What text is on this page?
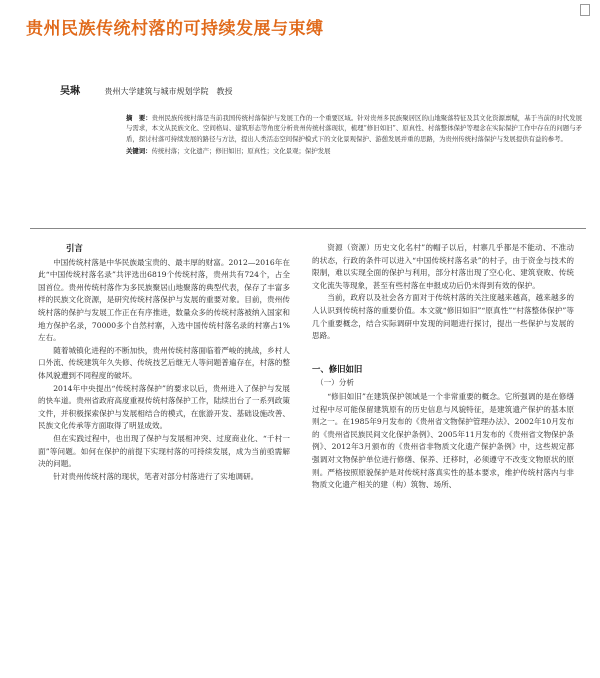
贵州民族传统村落的可持续发展与束缚
吴琳	贵州大学建筑与城市规划学院　教授
摘　要：贵州民族传统村落是当前我国传统村落保护与发展工作的一个重要区域。针对贵州多民族聚居区的山地聚落特征及其文化资源禀赋，基于当前的时代发展与需求，本文从民族文化、空间格局、建筑形态等角度分析贵州传统村落现状，梳理“修旧如旧”、原真性、村落整体保护等理念在实际保护工作中存在的问题与矛盾，探讨村落可持续发展的路径与方法，提出人类活态空间保护模式下的文化景观保护、游憩发展并重的思路，为贵州传统村落保护与发展提供有益的参考。
关键词：传统村落；文化遗产；修旧如旧；原真性；文化景观；保护发展
引言

中国传统村落是中华民族最宝贵的、最丰厚的财富。2012—2016年在此“中国传统村落名录”共评选出6819个传统村落，贵州共有724个，占全国首位。贵州传统村落作为多民族聚居山地聚落的典型代表，保存了丰富多样的民族文化资源，是研究传统村落保护与发展的重要对象。目前，贵州传统村落的保护与发展工作正在有序推进，数量众多的传统村落被纳入国家和地方保护名录，70000多个自然村寨，入选中国传统村落名录的村寨占1%左右。

随着城镇化进程的不断加快，贵州传统村落面临着严峻的挑战，乡村人口外流、传统建筑年久失修、传统技艺后继无人等问题普遍存在，村落的整体风貌遭到不同程度的破坏。

2014年中央提出“传统村落保护”的要求以后，贵州进入了保护与发展的快车道。贵州省政府高度重视传统村落保护工作，陆续出台了一系列政策文件，并积极探索保护与发展相结合的模式，在旅游开发、基础设施改善、民族文化传承等方面取得了明显成效。

但在实践过程中，也出现了保护与发展相冲突、过度商业化、“千村一面”等问题。如何在保护的前提下实现村落的可持续发展，成为当前亟需解决的问题。

针对贵州传统村落的现状，笔者对部分村落进行了实地调研。

资源（资源）历史文化名村”的帽子以后，村寨几乎都是不能动、不准动的状态，行政的条件可以进入“中国传统村落名录”的村子，由于资金与技术的限制，难以实现全面的保护与利用，部分村落出现了空心化、建筑衰败、传统文化流失等现象，甚至有些村落在申报成功后仍未得到有效的保护。

当前，政府以及社会各方面对于传统村落的关注度越来越高，越来越多的人认识到传统村落的重要价值。本文就“修旧如旧”“原真性”“村落整体保护”等几个重要概念，结合实际调研中发现的问题进行探讨，提出一些保护与发展的思路。

一、修旧如旧
（一）分析

“修旧如旧”在建筑保护领域是一个非常重要的概念。它所强调的是在修缮过程中尽可能保留建筑原有的历史信息与风貌特征，是建筑遗产保护的基本原则之一。在1985年9月发布的《贵州省文物保护管理办法》、2002年10月发布的《贵州省民族民间文化保护条例》、2005年11月发布的《贵州省文物保护条例》、2012年3月颁布的《贵州省非物质文化遗产保护条例》中，这些规定都强调对文物保护单位进行修缮、保养、迁移时，必须遵守不改变文物原状的原则。严格按照原貌保护是对传统村落真实性的基本要求，维护传统村落内与非物质文化遗产相关的建（构）筑物、场所、
